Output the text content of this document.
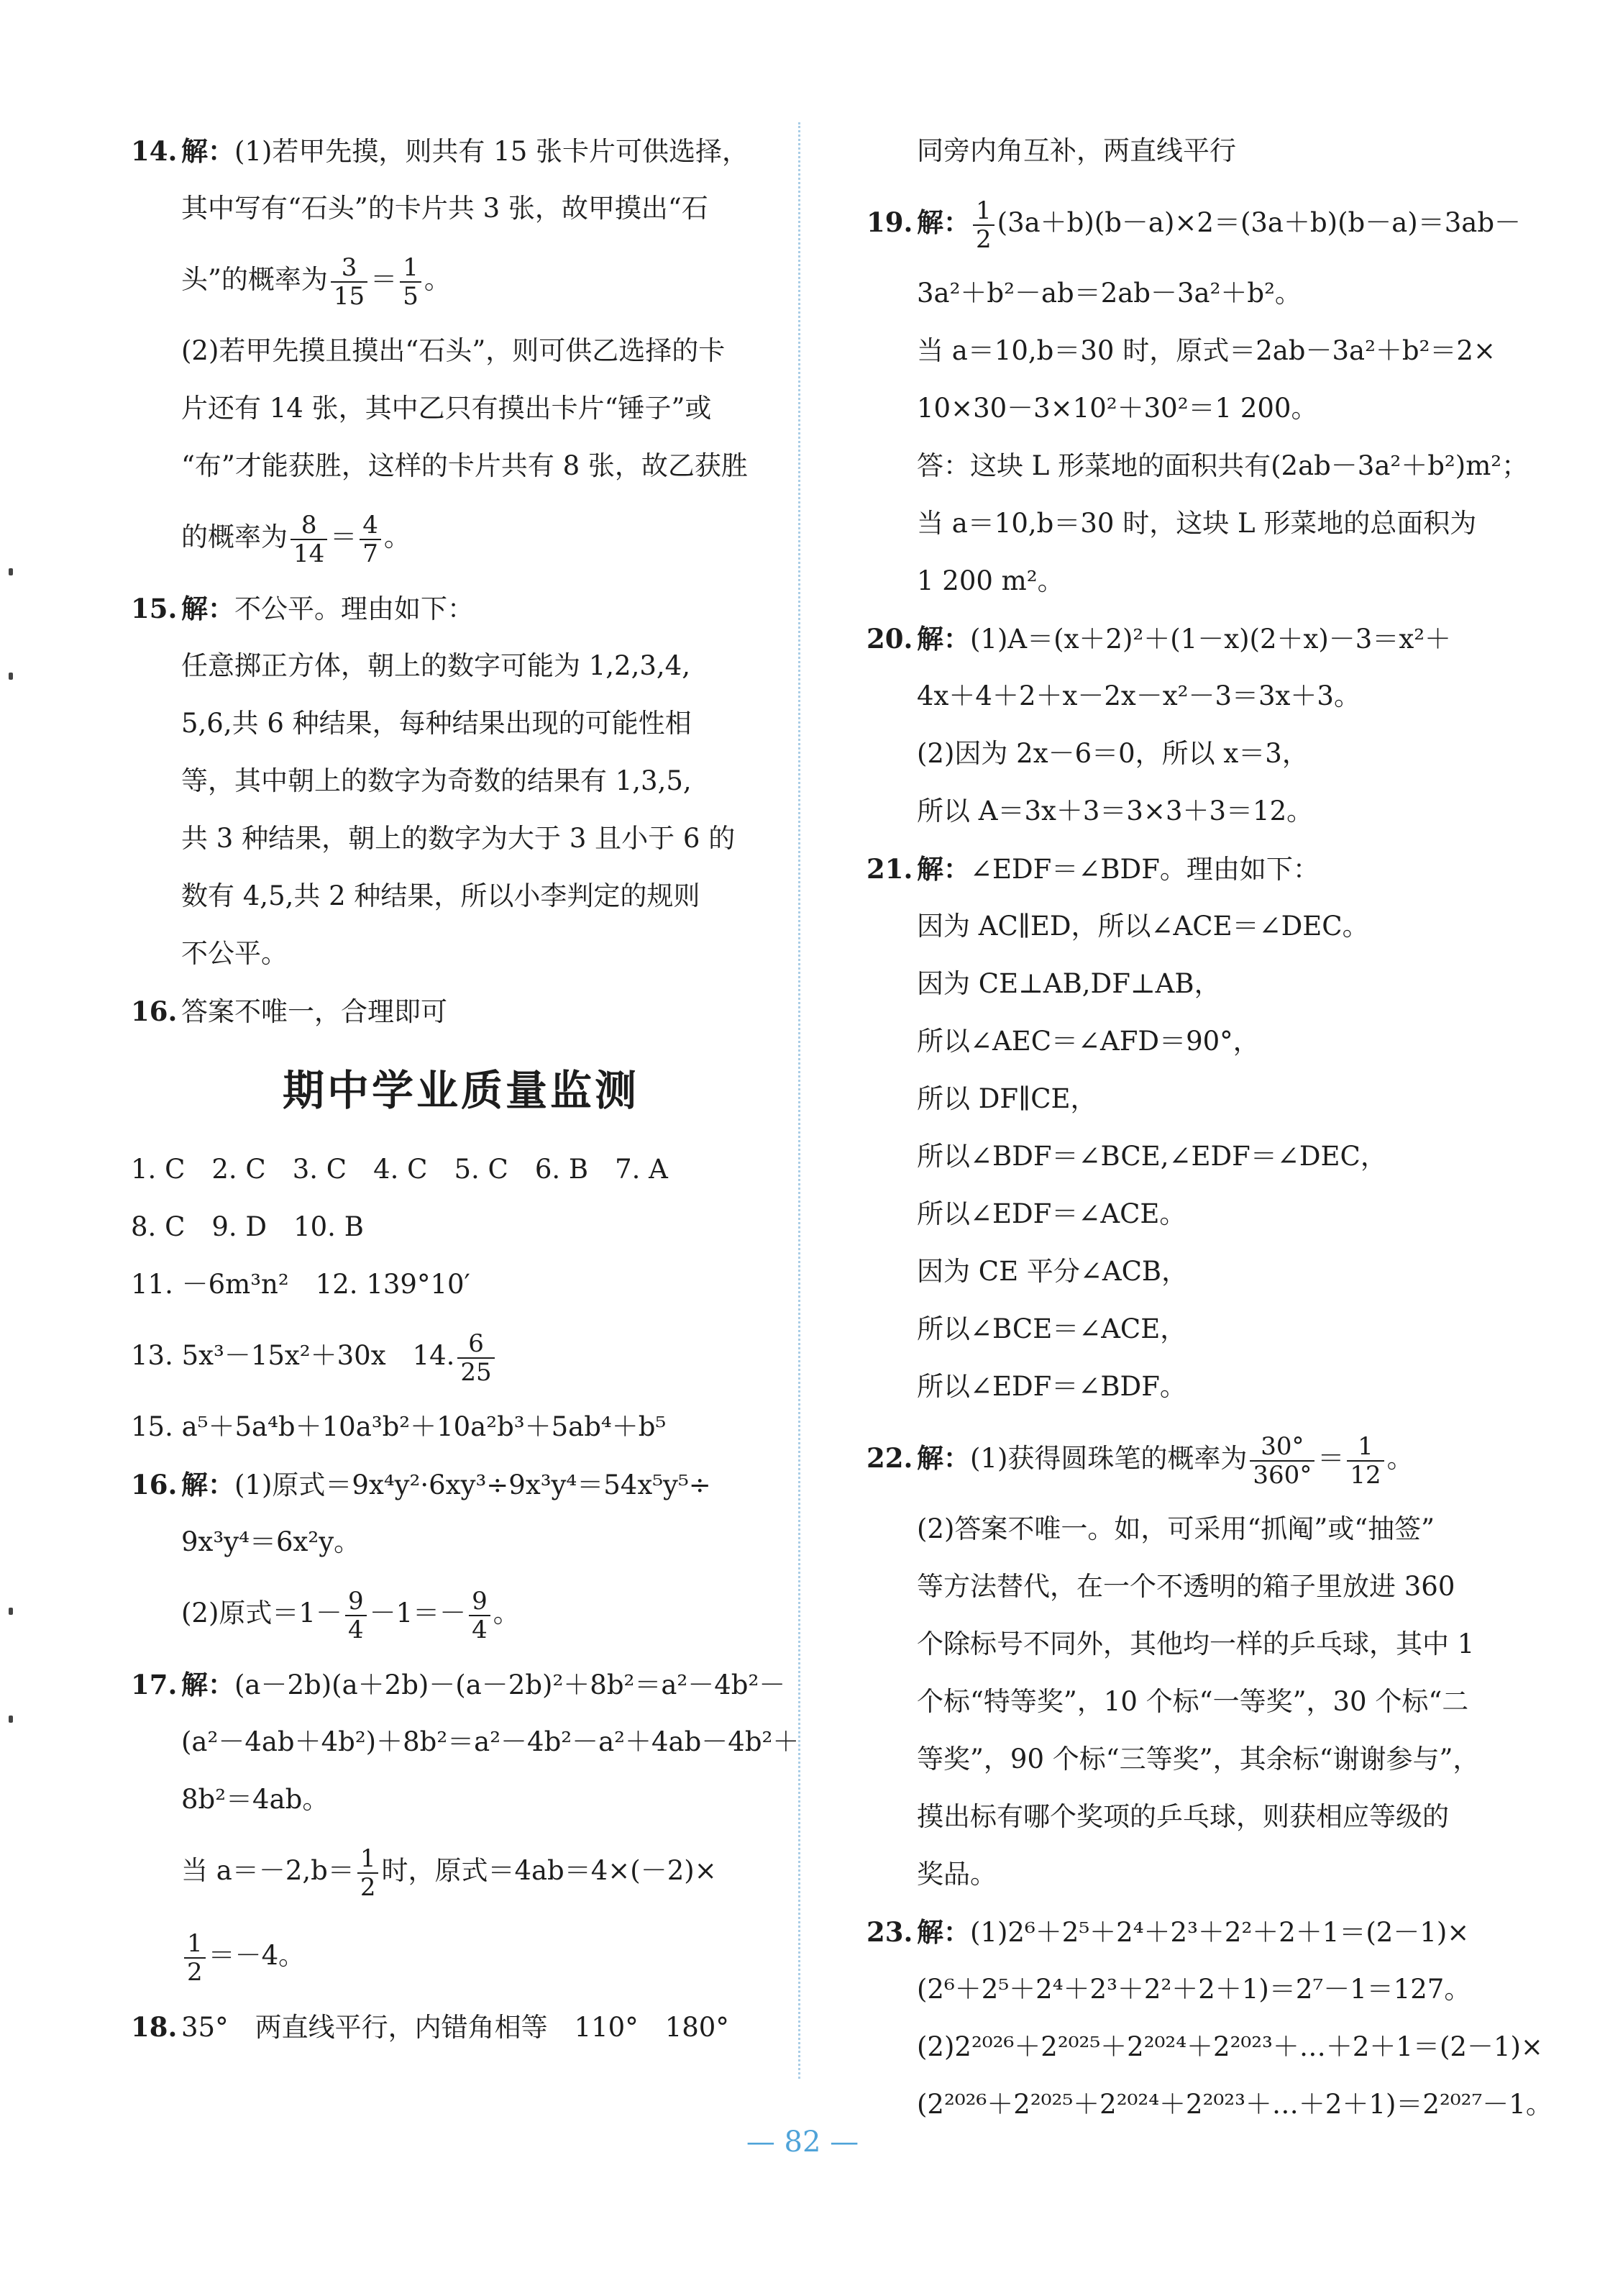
14. 解：(1)若甲先摸，则共有 15 张卡片可供选择，
其中写有“石头”的卡片共 3 张，故甲摸出“石
头”的概率为 $\frac{3}{15} = \frac{1}{5}$ 。
(2)若甲先摸且摸出“石头”，则可供乙选择的卡
片还有 14 张，其中乙只有摸出卡片“锤子”或
“布”才能获胜，这样的卡片共有 8 张，故乙获胜
的概率为 $\frac{8}{14} = \frac{4}{7}$ 。
15. 解：不公平。理由如下：
任意掷正方体，朝上的数字可能为 1,2,3,4,
5,6,共 6 种结果，每种结果出现的可能性相
等，其中朝上的数字为奇数的结果有 1,3,5,
共 3 种结果，朝上的数字为大于 3 且小于 6 的
数有 4,5,共 2 种结果，所以小李判定的规则
不公平。
16. 答案不唯一，合理即可
期中学业质量监测
1. C　2. C　3. C　4. C　5. C　6. B　7. A
8. C　9. D　10. B
11. －6m³n²　12. 139°10′
13. 5x³－15x²＋30x　14. $\frac{6}{25}$
15. a⁵＋5a⁴b＋10a³b²＋10a²b³＋5ab⁴＋b⁵
16. 解：(1)原式＝9x⁴y²·6xy³÷9x³y⁴＝54x⁵y⁵÷
9x³y⁴＝6x²y。
(2)原式$=1- \frac{9}{4} -1=- \frac{9}{4}$ 。
17. 解：(a－2b)(a＋2b)－(a－2b)²＋8b²＝a²－4b²－
(a²－4ab＋4b²)＋8b²＝a²－4b²－a²＋4ab－4b²＋
8b²＝4ab。
当 $a=-2,b= \frac{1}{2}$ 时，原式＝4ab＝4×(－2)×
$\frac{1}{2} =-4$。
18. 35°　两直线平行，内错角相等　110°　180°
同旁内角互补，两直线平行
19. 解： $\frac{1}{2} (3a+b)(b-a)\times 2=(3a+b)(b-a)=3ab-$
3a²＋b²－ab＝2ab－3a²＋b²。
当 a＝10,b＝30 时，原式＝2ab－3a²＋b²＝2×
10×30－3×10²＋30²＝1 200。
答：这块 L 形菜地的面积共有(2ab－3a²＋b²)m²；
当 a＝10,b＝30 时，这块 L 形菜地的总面积为
1 200 m²。
20. 解：(1)A＝(x＋2)²＋(1－x)(2＋x)－3＝x²＋
4x＋4＋2＋x－2x－x²－3＝3x＋3。
(2)因为 2x－6＝0，所以 x＝3，
所以 A＝3x＋3＝3×3＋3＝12。
21. 解：∠EDF＝∠BDF。理由如下：
因为 AC∥ED，所以∠ACE＝∠DEC。
因为 CE⊥AB,DF⊥AB，
所以∠AEC＝∠AFD＝90°，
所以 DF∥CE，
所以∠BDF＝∠BCE,∠EDF＝∠DEC，
所以∠EDF＝∠ACE。
因为 CE 平分∠ACB，
所以∠BCE＝∠ACE，
所以∠EDF＝∠BDF。
22. 解：(1)获得圆珠笔的概率为 $\frac{30^\circ}{360^\circ} = \frac{1}{12}$ 。
(2)答案不唯一。如，可采用“抓阄”或“抽签”
等方法替代，在一个不透明的箱子里放进 360
个除标号不同外，其他均一样的乒乓球，其中 1
个标“特等奖”，10 个标“一等奖”，30 个标“二
等奖”，90 个标“三等奖”，其余标“谢谢参与”，
摸出标有哪个奖项的乒乓球，则获相应等级的
奖品。
23. 解：(1)2⁶＋2⁵＋2⁴＋2³＋2²＋2＋1＝(2－1)×
(2⁶＋2⁵＋2⁴＋2³＋2²＋2＋1)＝2⁷－1＝127。
(2)2²⁰²⁶＋2²⁰²⁵＋2²⁰²⁴＋2²⁰²³＋…＋2＋1＝(2－1)×
(2²⁰²⁶＋2²⁰²⁵＋2²⁰²⁴＋2²⁰²³＋…＋2＋1)＝2²⁰²⁷－1。
— 82 —
